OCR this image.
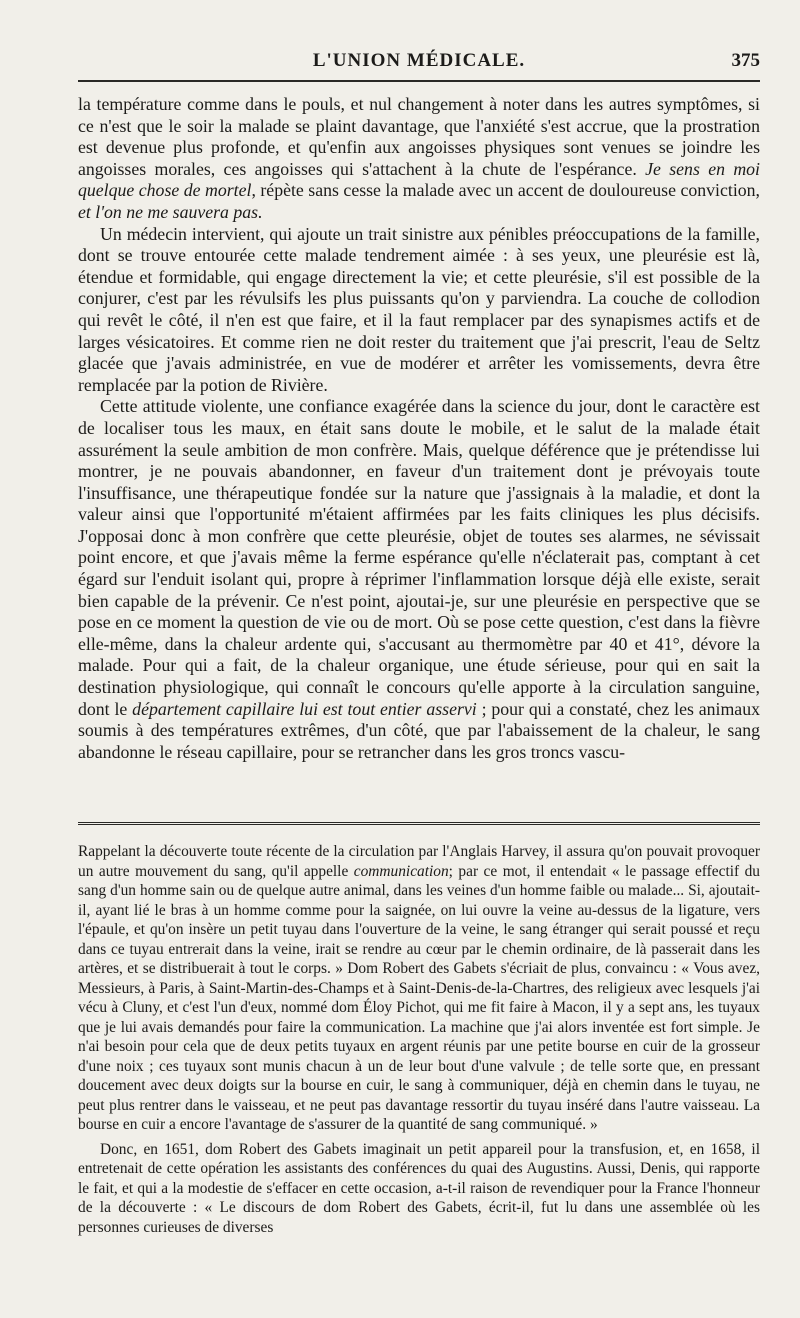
L'UNION MÉDICALE.	375

la température comme dans le pouls, et nul changement à noter dans les autres symptômes, si ce n'est que le soir la malade se plaint davantage, que l'anxiété s'est accrue, que la prostration est devenue plus profonde, et qu'enfin aux angoisses physiques sont venues se joindre les angoisses morales, ces angoisses qui s'attachent à la chute de l'espérance. Je sens en moi quelque chose de mortel, répète sans cesse la malade avec un accent de douloureuse conviction, et l'on ne me sauvera pas.

Un médecin intervient, qui ajoute un trait sinistre aux pénibles préoccupations de la famille, dont se trouve entourée cette malade tendrement aimée : à ses yeux, une pleurésie est là, étendue et formidable, qui engage directement la vie; et cette pleurésie, s'il est possible de la conjurer, c'est par les révulsifs les plus puissants qu'on y parviendra. La couche de collodion qui revêt le côté, il n'en est que faire, et il la faut remplacer par des synapismes actifs et de larges vésicatoires. Et comme rien ne doit rester du traitement que j'ai prescrit, l'eau de Seltz glacée que j'avais administrée, en vue de modérer et arrêter les vomissements, devra être remplacée par la potion de Rivière.

Cette attitude violente, une confiance exagérée dans la science du jour, dont le caractère est de localiser tous les maux, en était sans doute le mobile, et le salut de la malade était assurément la seule ambition de mon confrère. Mais, quelque déférence que je prétendisse lui montrer, je ne pouvais abandonner, en faveur d'un traitement dont je prévoyais toute l'insuffisance, une thérapeutique fondée sur la nature que j'assignais à la maladie, et dont la valeur ainsi que l'opportunité m'étaient affirmées par les faits cliniques les plus décisifs. J'opposai donc à mon confrère que cette pleurésie, objet de toutes ses alarmes, ne sévissait point encore, et que j'avais même la ferme espérance qu'elle n'éclaterait pas, comptant à cet égard sur l'enduit isolant qui, propre à réprimer l'inflammation lorsque déjà elle existe, serait bien capable de la prévenir. Ce n'est point, ajoutai-je, sur une pleurésie en perspective que se pose en ce moment la question de vie ou de mort. Où se pose cette question, c'est dans la fièvre elle-même, dans la chaleur ardente qui, s'accusant au thermomètre par 40 et 41°, dévore la malade. Pour qui a fait, de la chaleur organique, une étude sérieuse, pour qui en sait la destination physiologique, qui connaît le concours qu'elle apporte à la circulation sanguine, dont le département capillaire lui est tout entier asservi ; pour qui a constaté, chez les animaux soumis à des températures extrêmes, d'un côté, que par l'abaissement de la chaleur, le sang abandonne le réseau capillaire, pour se retrancher dans les gros troncs vascu-

Rappelant la découverte toute récente de la circulation par l'Anglais Harvey, il assura qu'on pouvait provoquer un autre mouvement du sang, qu'il appelle communication; par ce mot, il entendait « le passage effectif du sang d'un homme sain ou de quelque autre animal, dans les veines d'un homme faible ou malade... Si, ajoutait-il, ayant lié le bras à un homme comme pour la saignée, on lui ouvre la veine au-dessus de la ligature, vers l'épaule, et qu'on insère un petit tuyau dans l'ouverture de la veine, le sang étranger qui serait poussé et reçu dans ce tuyau entrerait dans la veine, irait se rendre au cœur par le chemin ordinaire, de là passerait dans les artères, et se distribuerait à tout le corps. » Dom Robert des Gabets s'écriait de plus, convaincu : « Vous avez, Messieurs, à Paris, à Saint-Martin-des-Champs et à Saint-Denis-de-la-Chartres, des religieux avec lesquels j'ai vécu à Cluny, et c'est l'un d'eux, nommé dom Éloy Pichot, qui me fit faire à Macon, il y a sept ans, les tuyaux que je lui avais demandés pour faire la communication. La machine que j'ai alors inventée est fort simple. Je n'ai besoin pour cela que de deux petits tuyaux en argent réunis par une petite bourse en cuir de la grosseur d'une noix ; ces tuyaux sont munis chacun à un de leur bout d'une valvule ; de telle sorte que, en pressant doucement avec deux doigts sur la bourse en cuir, le sang à communiquer, déjà en chemin dans le tuyau, ne peut plus rentrer dans le vaisseau, et ne peut pas davantage ressortir du tuyau inséré dans l'autre vaisseau. La bourse en cuir a encore l'avantage de s'assurer de la quantité de sang communiqué. »

Donc, en 1651, dom Robert des Gabets imaginait un petit appareil pour la transfusion, et, en 1658, il entretenait de cette opération les assistants des conférences du quai des Augustins. Aussi, Denis, qui rapporte le fait, et qui a la modestie de s'effacer en cette occasion, a-t-il raison de revendiquer pour la France l'honneur de la découverte : « Le discours de dom Robert des Gabets, écrit-il, fut lu dans une assemblée où les personnes curieuses de diverses
